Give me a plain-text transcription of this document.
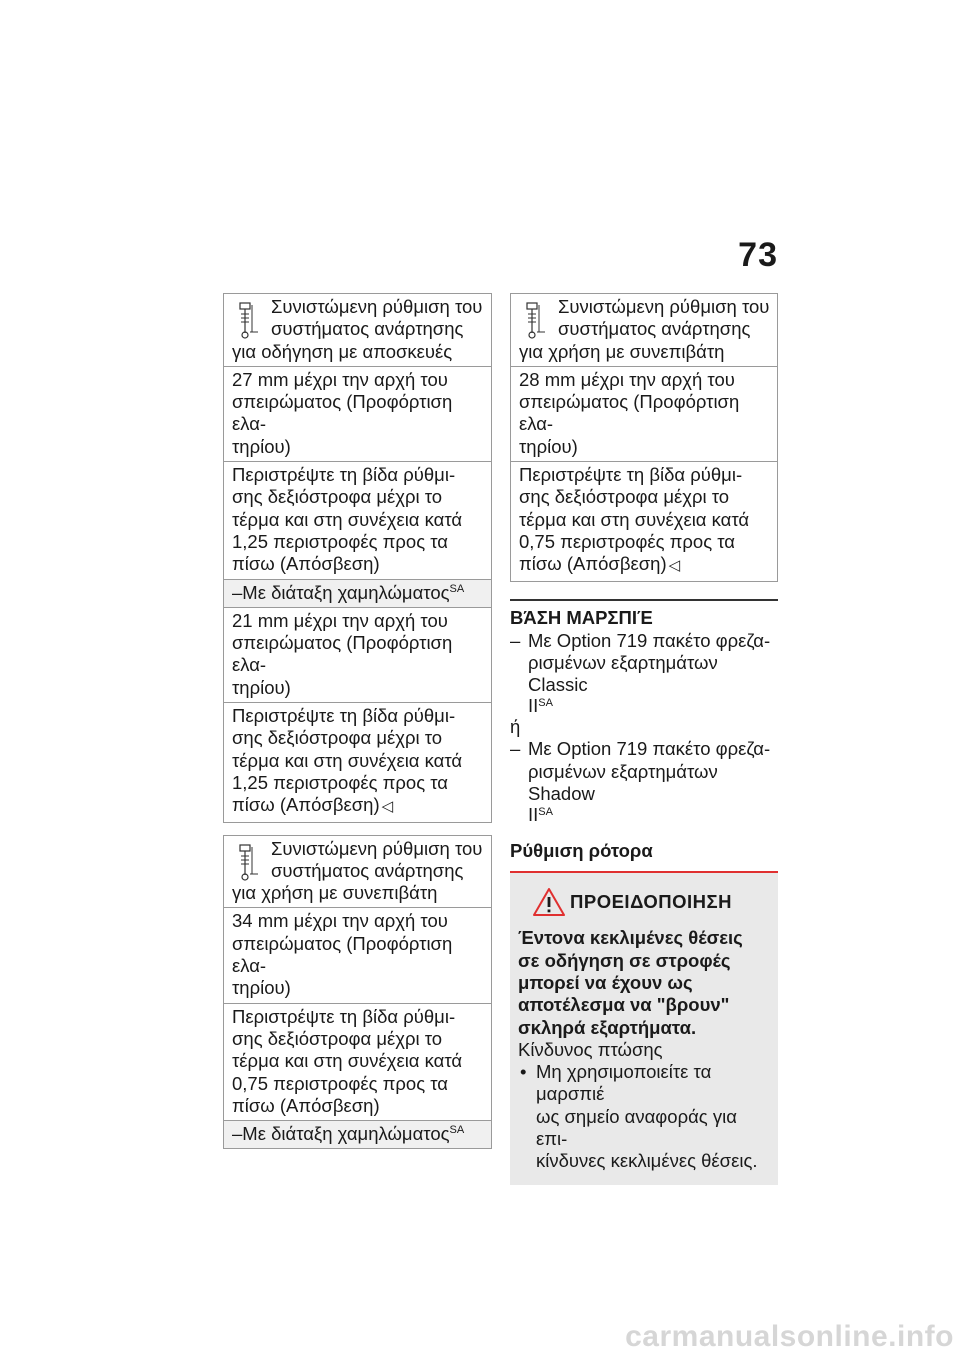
73
Συνιστώμενη ρύθμιση του
συστήματος ανάρτησης
για οδήγηση με αποσκευές
27 mm μέχρι την αρχή του
σπειρώματος (Προφόρτιση ελα-
τηρίου)
Περιστρέψτε τη βίδα ρύθμι-
σης δεξιόστροφα μέχρι το
τέρμα και στη συνέχεια κατά
1,25 περιστροφές προς τα
πίσω (Απόσβεση)
–Με διάταξη χαμηλώματος$^{SA}$
21 mm μέχρι την αρχή του
σπειρώματος (Προφόρτιση ελα-
τηρίου)
Περιστρέψτε τη βίδα ρύθμι-
σης δεξιόστροφα μέχρι το
τέρμα και στη συνέχεια κατά
1,25 περιστροφές προς τα
πίσω (Απόσβεση) ◁
Συνιστώμενη ρύθμιση του
συστήματος ανάρτησης
για χρήση με συνεπιβάτη
34 mm μέχρι την αρχή του
σπειρώματος (Προφόρτιση ελα-
τηρίου)
Περιστρέψτε τη βίδα ρύθμι-
σης δεξιόστροφα μέχρι το
τέρμα και στη συνέχεια κατά
0,75 περιστροφές προς τα
πίσω (Απόσβεση)
–Με διάταξη χαμηλώματος$^{SA}$
Συνιστώμενη ρύθμιση του
συστήματος ανάρτησης
για χρήση με συνεπιβάτη
28 mm μέχρι την αρχή του
σπειρώματος (Προφόρτιση ελα-
τηρίου)
Περιστρέψτε τη βίδα ρύθμι-
σης δεξιόστροφα μέχρι το
τέρμα και στη συνέχεια κατά
0,75 περιστροφές προς τα
πίσω (Απόσβεση) ◁
ΒΆΣΗ ΜΑΡΣΠΙΈ
– Με Option 719 πακέτο φρεζα-
ρισμένων εξαρτημάτων Classic
$II^{SA}$
ή
– Με Option 719 πακέτο φρεζα-
ρισμένων εξαρτημάτων Shadow
$II^{SA}$
Ρύθμιση ρότορα
ΠΡΟΕΙΔΟΠΟΙΗΣΗ
Έντονα κεκλιμένες θέσεις
σε οδήγηση σε στροφές
μπορεί να έχουν ως
αποτέλεσμα να "βρουν"
σκληρά εξαρτήματα.
Κίνδυνος πτώσης
• Μη χρησιμοποιείτε τα μαρσπιέ
ως σημείο αναφοράς για επι-
κίνδυνες κεκλιμένες θέσεις.
carmanualsonline.info
